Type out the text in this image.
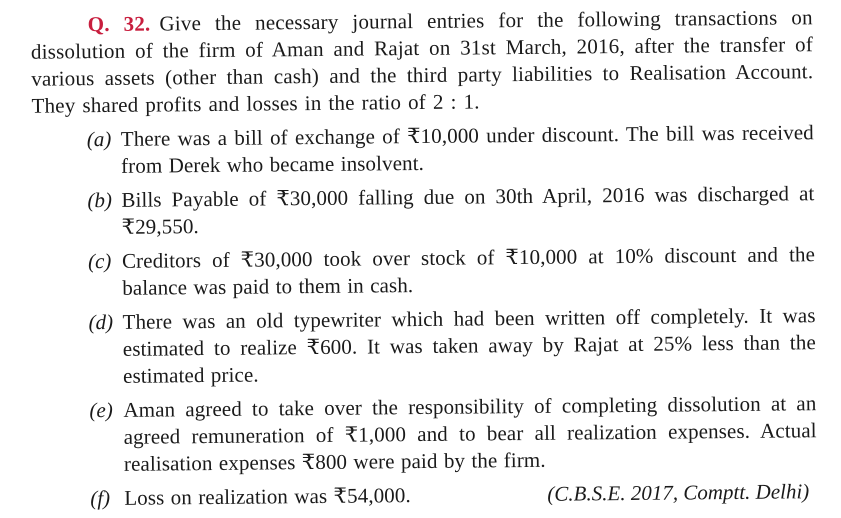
Q. 32. Give the necessary journal entries for the following transactions on dissolution of the firm of Aman and Rajat on 31st March, 2016, after the transfer of various assets (other than cash) and the third party liabilities to Realisation Account. They shared profits and losses in the ratio of 2 : 1.

(a) There was a bill of exchange of ₹10,000 under discount. The bill was received from Derek who became insolvent.
(b) Bills Payable of ₹30,000 falling due on 30th April, 2016 was discharged at ₹29,550.
(c) Creditors of ₹30,000 took over stock of ₹10,000 at 10% discount and the balance was paid to them in cash.
(d) There was an old typewriter which had been written off completely. It was estimated to realize ₹600. It was taken away by Rajat at 25% less than the estimated price.
(e) Aman agreed to take over the responsibility of completing dissolution at an agreed remuneration of ₹1,000 and to bear all realization expenses. Actual realisation expenses ₹800 were paid by the firm.
(f) Loss on realization was ₹54,000.	(C.B.S.E. 2017, Comptt. Delhi)
